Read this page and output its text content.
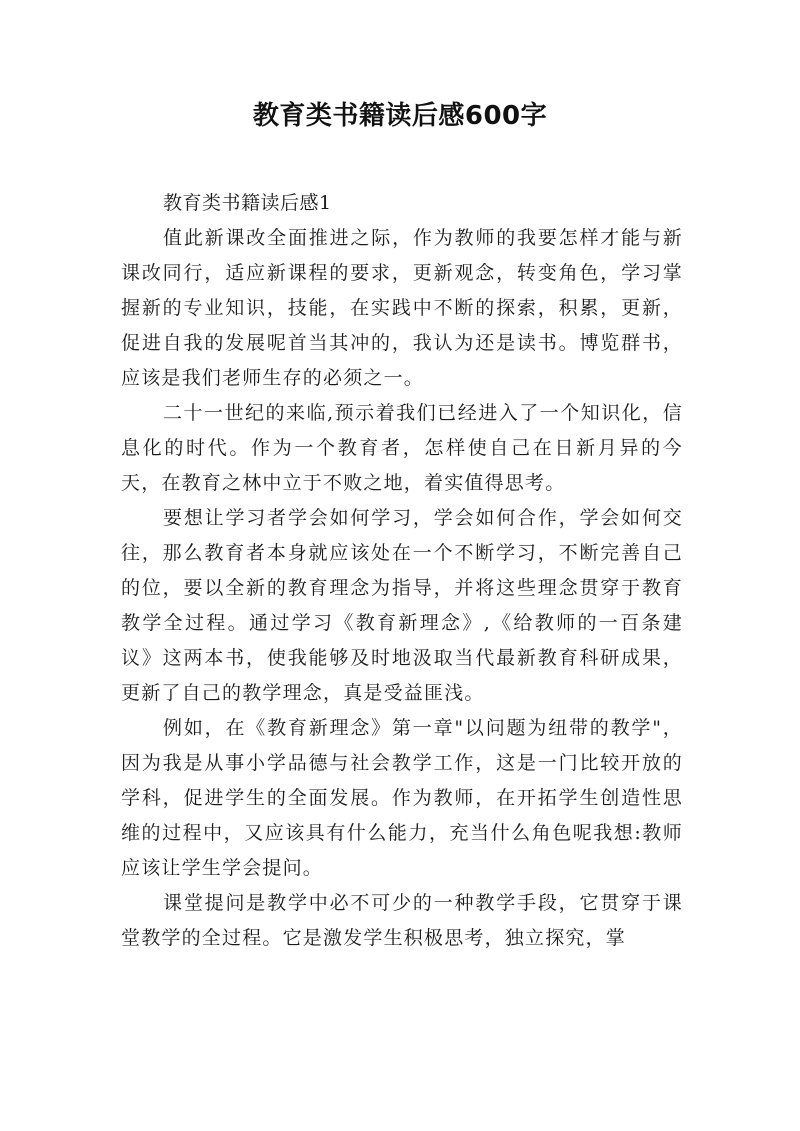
教育类书籍读后感600字

教育类书籍读后感1

值此新课改全面推进之际，作为教师的我要怎样才能与新课改同行，适应新课程的要求，更新观念，转变角色，学习掌握新的专业知识，技能，在实践中不断的探索，积累，更新，促进自我的发展呢首当其冲的，我认为还是读书。博览群书，应该是我们老师生存的必须之一。

二十一世纪的来临,预示着我们已经进入了一个知识化，信息化的时代。作为一个教育者，怎样使自己在日新月异的今天，在教育之林中立于不败之地，着实值得思考。

要想让学习者学会如何学习，学会如何合作，学会如何交往，那么教育者本身就应该处在一个不断学习，不断完善自己的位，要以全新的教育理念为指导，并将这些理念贯穿于教育教学全过程。通过学习《教育新理念》,《给教师的一百条建议》这两本书，使我能够及时地汲取当代最新教育科研成果，更新了自己的教学理念，真是受益匪浅。

例如，在《教育新理念》第一章"以问题为纽带的教学"，因为我是从事小学品德与社会教学工作，这是一门比较开放的学科，促进学生的全面发展。作为教师，在开拓学生创造性思维的过程中，又应该具有什么能力，充当什么角色呢我想:教师应该让学生学会提问。

课堂提问是教学中必不可少的一种教学手段，它贯穿于课堂教学的全过程。它是激发学生积极思考，独立探究，掌
